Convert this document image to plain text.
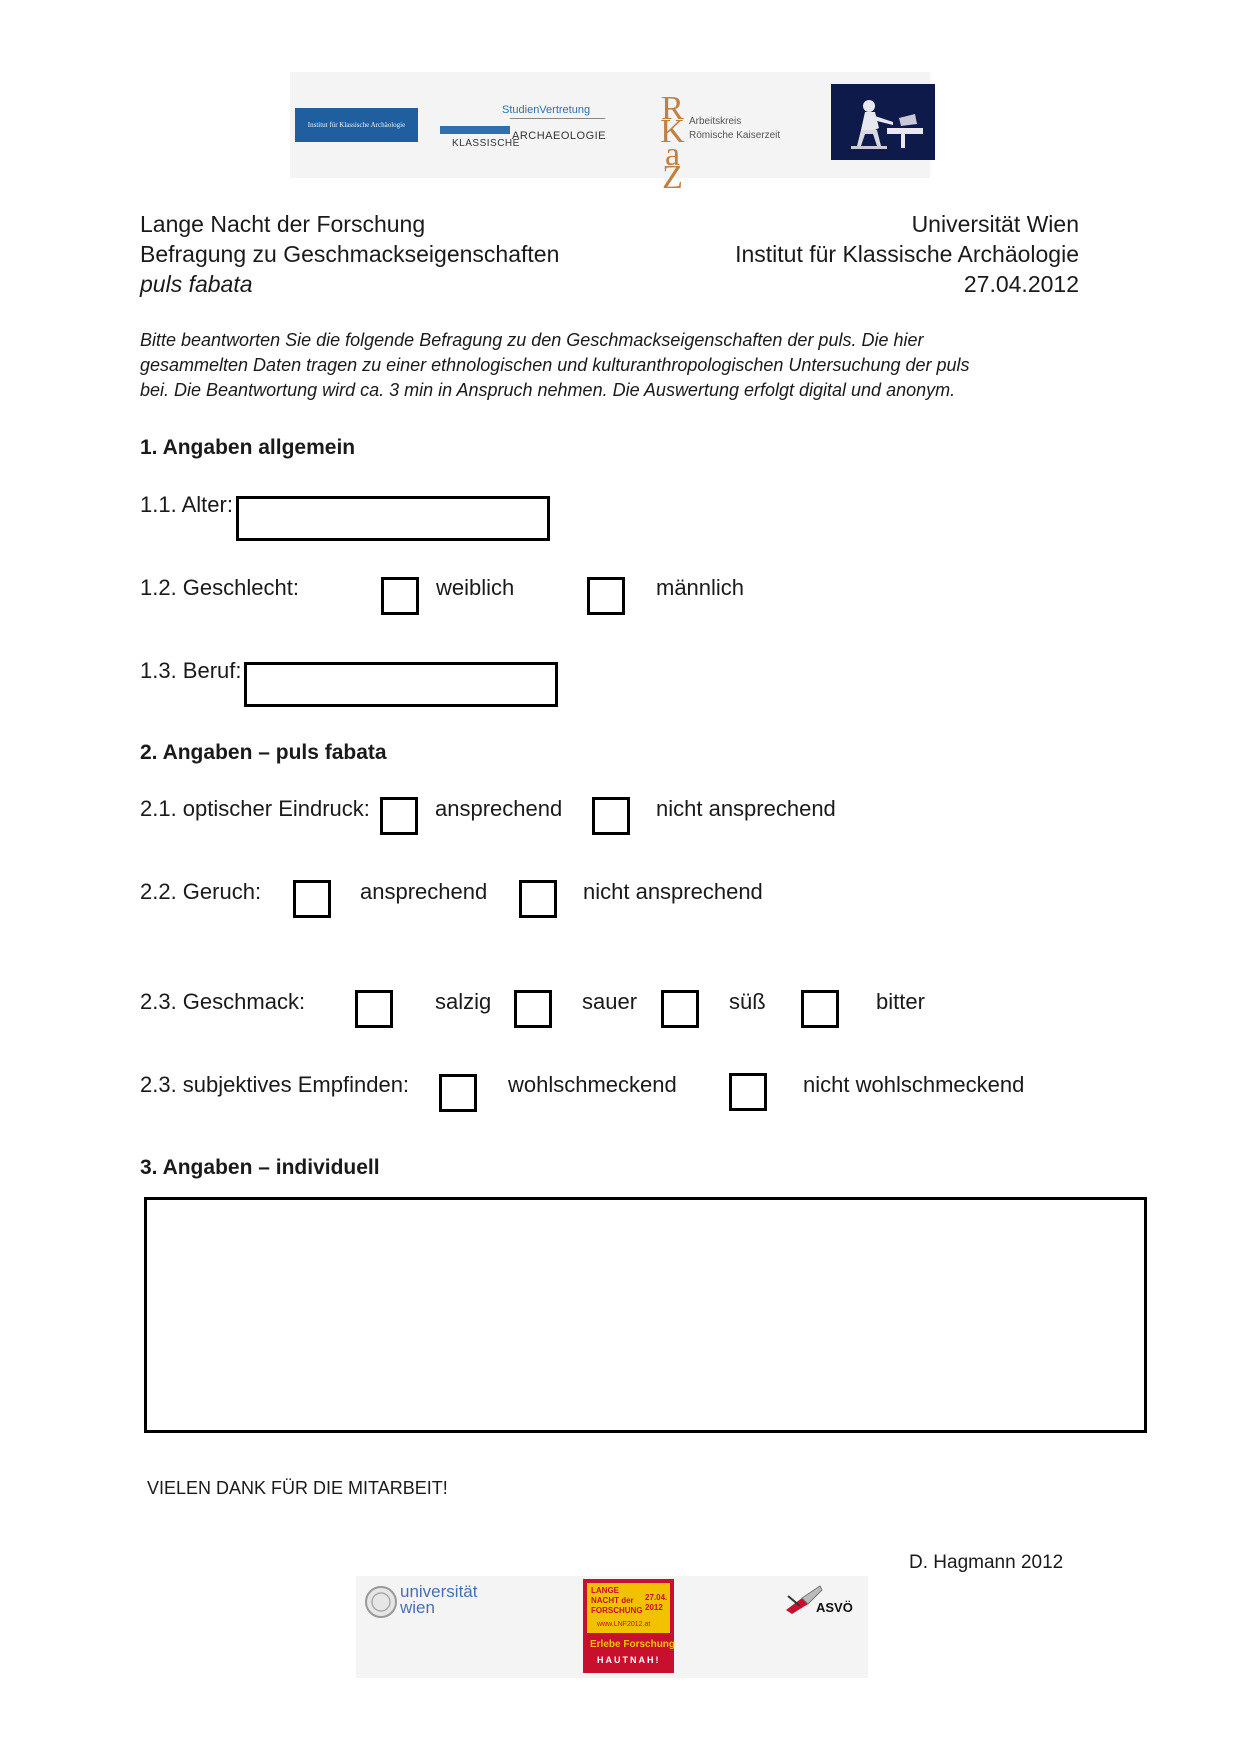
Institut für Klassische Archäologie
StudienVertretung
KLASSISCHE
ARCHAEOLOGIE RKaZ
Arbeitskreis
Römische Kaiserzeit
Lange Nacht der Forschung
Befragung zu Geschmackseigenschaften
puls fabata
Universität Wien
Institut für Klassische Archäologie
27.04.2012
Bitte beantworten Sie die folgende Befragung zu den Geschmackseigenschaften der puls. Die hier
gesammelten Daten tragen zu einer ethnologischen und kulturanthropologischen Untersuchung der puls
bei. Die Beantwortung wird ca. 3 min in Anspruch nehmen. Die Auswertung erfolgt digital und anonym.
1. Angaben allgemein
1.1. Alter:
1.2. Geschlecht:	weiblich	männlich
1.3. Beruf:
2. Angaben – puls fabata
2.1. optischer Eindruck:	ansprechend	nicht ansprechend
2.2. Geruch:	ansprechend	nicht ansprechend
2.3. Geschmack:	salzig	sauer	süß	bitter
2.3. subjektives Empfinden:	wohlschmeckend	nicht wohlschmeckend
3. Angaben – individuell
VIELEN DANK FÜR DIE MITARBEIT!
D. Hagmann 2012
universität
wien
LANGE
NACHT der
FORSCHUNG
27.04.
2012
www.LNF2012.at
Erlebe Forschung
HAUTNAH!
ASVÖ
